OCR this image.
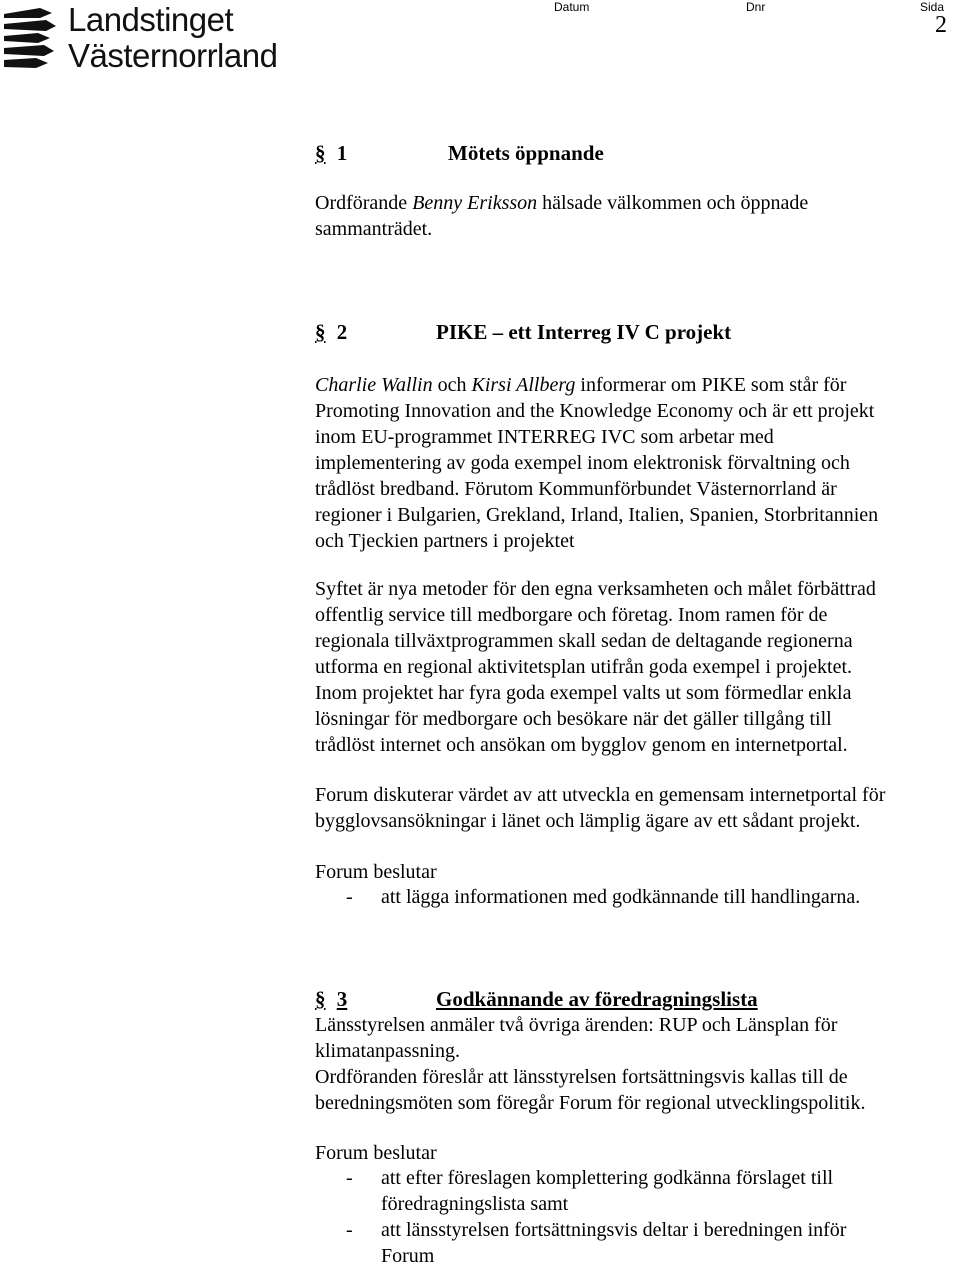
Landstinget
Västernorrland
Datum	Dnr	Sida
2
§ 1	Mötets öppnande
Ordförande Benny Eriksson hälsade välkommen och öppnade
sammanträdet.
§ 2	PIKE – ett Interreg IV C projekt
Charlie Wallin och Kirsi Allberg informerar om PIKE som står för
Promoting Innovation and the Knowledge Economy och är ett projekt
inom EU-programmet INTERREG IVC som arbetar med
implementering av goda exempel inom elektronisk förvaltning och
trådlöst bredband. Förutom Kommunförbundet Västernorrland är
regioner i Bulgarien, Grekland, Irland, Italien, Spanien, Storbritannien
och Tjeckien partners i projektet
Syftet är nya metoder för den egna verksamheten och målet förbättrad
offentlig service till medborgare och företag. Inom ramen för de
regionala tillväxtprogrammen skall sedan de deltagande regionerna
utforma en regional aktivitetsplan utifrån goda exempel i projektet.
Inom projektet har fyra goda exempel valts ut som förmedlar enkla
lösningar för medborgare och besökare när det gäller tillgång till
trådlöst internet och ansökan om bygglov genom en internetportal.
Forum diskuterar värdet av att utveckla en gemensam internetportal för
bygglovsansökningar i länet och lämplig ägare av ett sådant projekt.
Forum beslutar
- att lägga informationen med godkännande till handlingarna.
§ 3	Godkännande av föredragningslista
Länsstyrelsen anmäler två övriga ärenden: RUP och Länsplan för
klimatanpassning.
Ordföranden föreslår att länsstyrelsen fortsättningsvis kallas till de
beredningsmöten som föregår Forum för regional utvecklingspolitik.
Forum beslutar
- att efter föreslagen komplettering godkänna förslaget till
föredragningslista samt
- att länsstyrelsen fortsättningsvis deltar i beredningen inför
Forum
